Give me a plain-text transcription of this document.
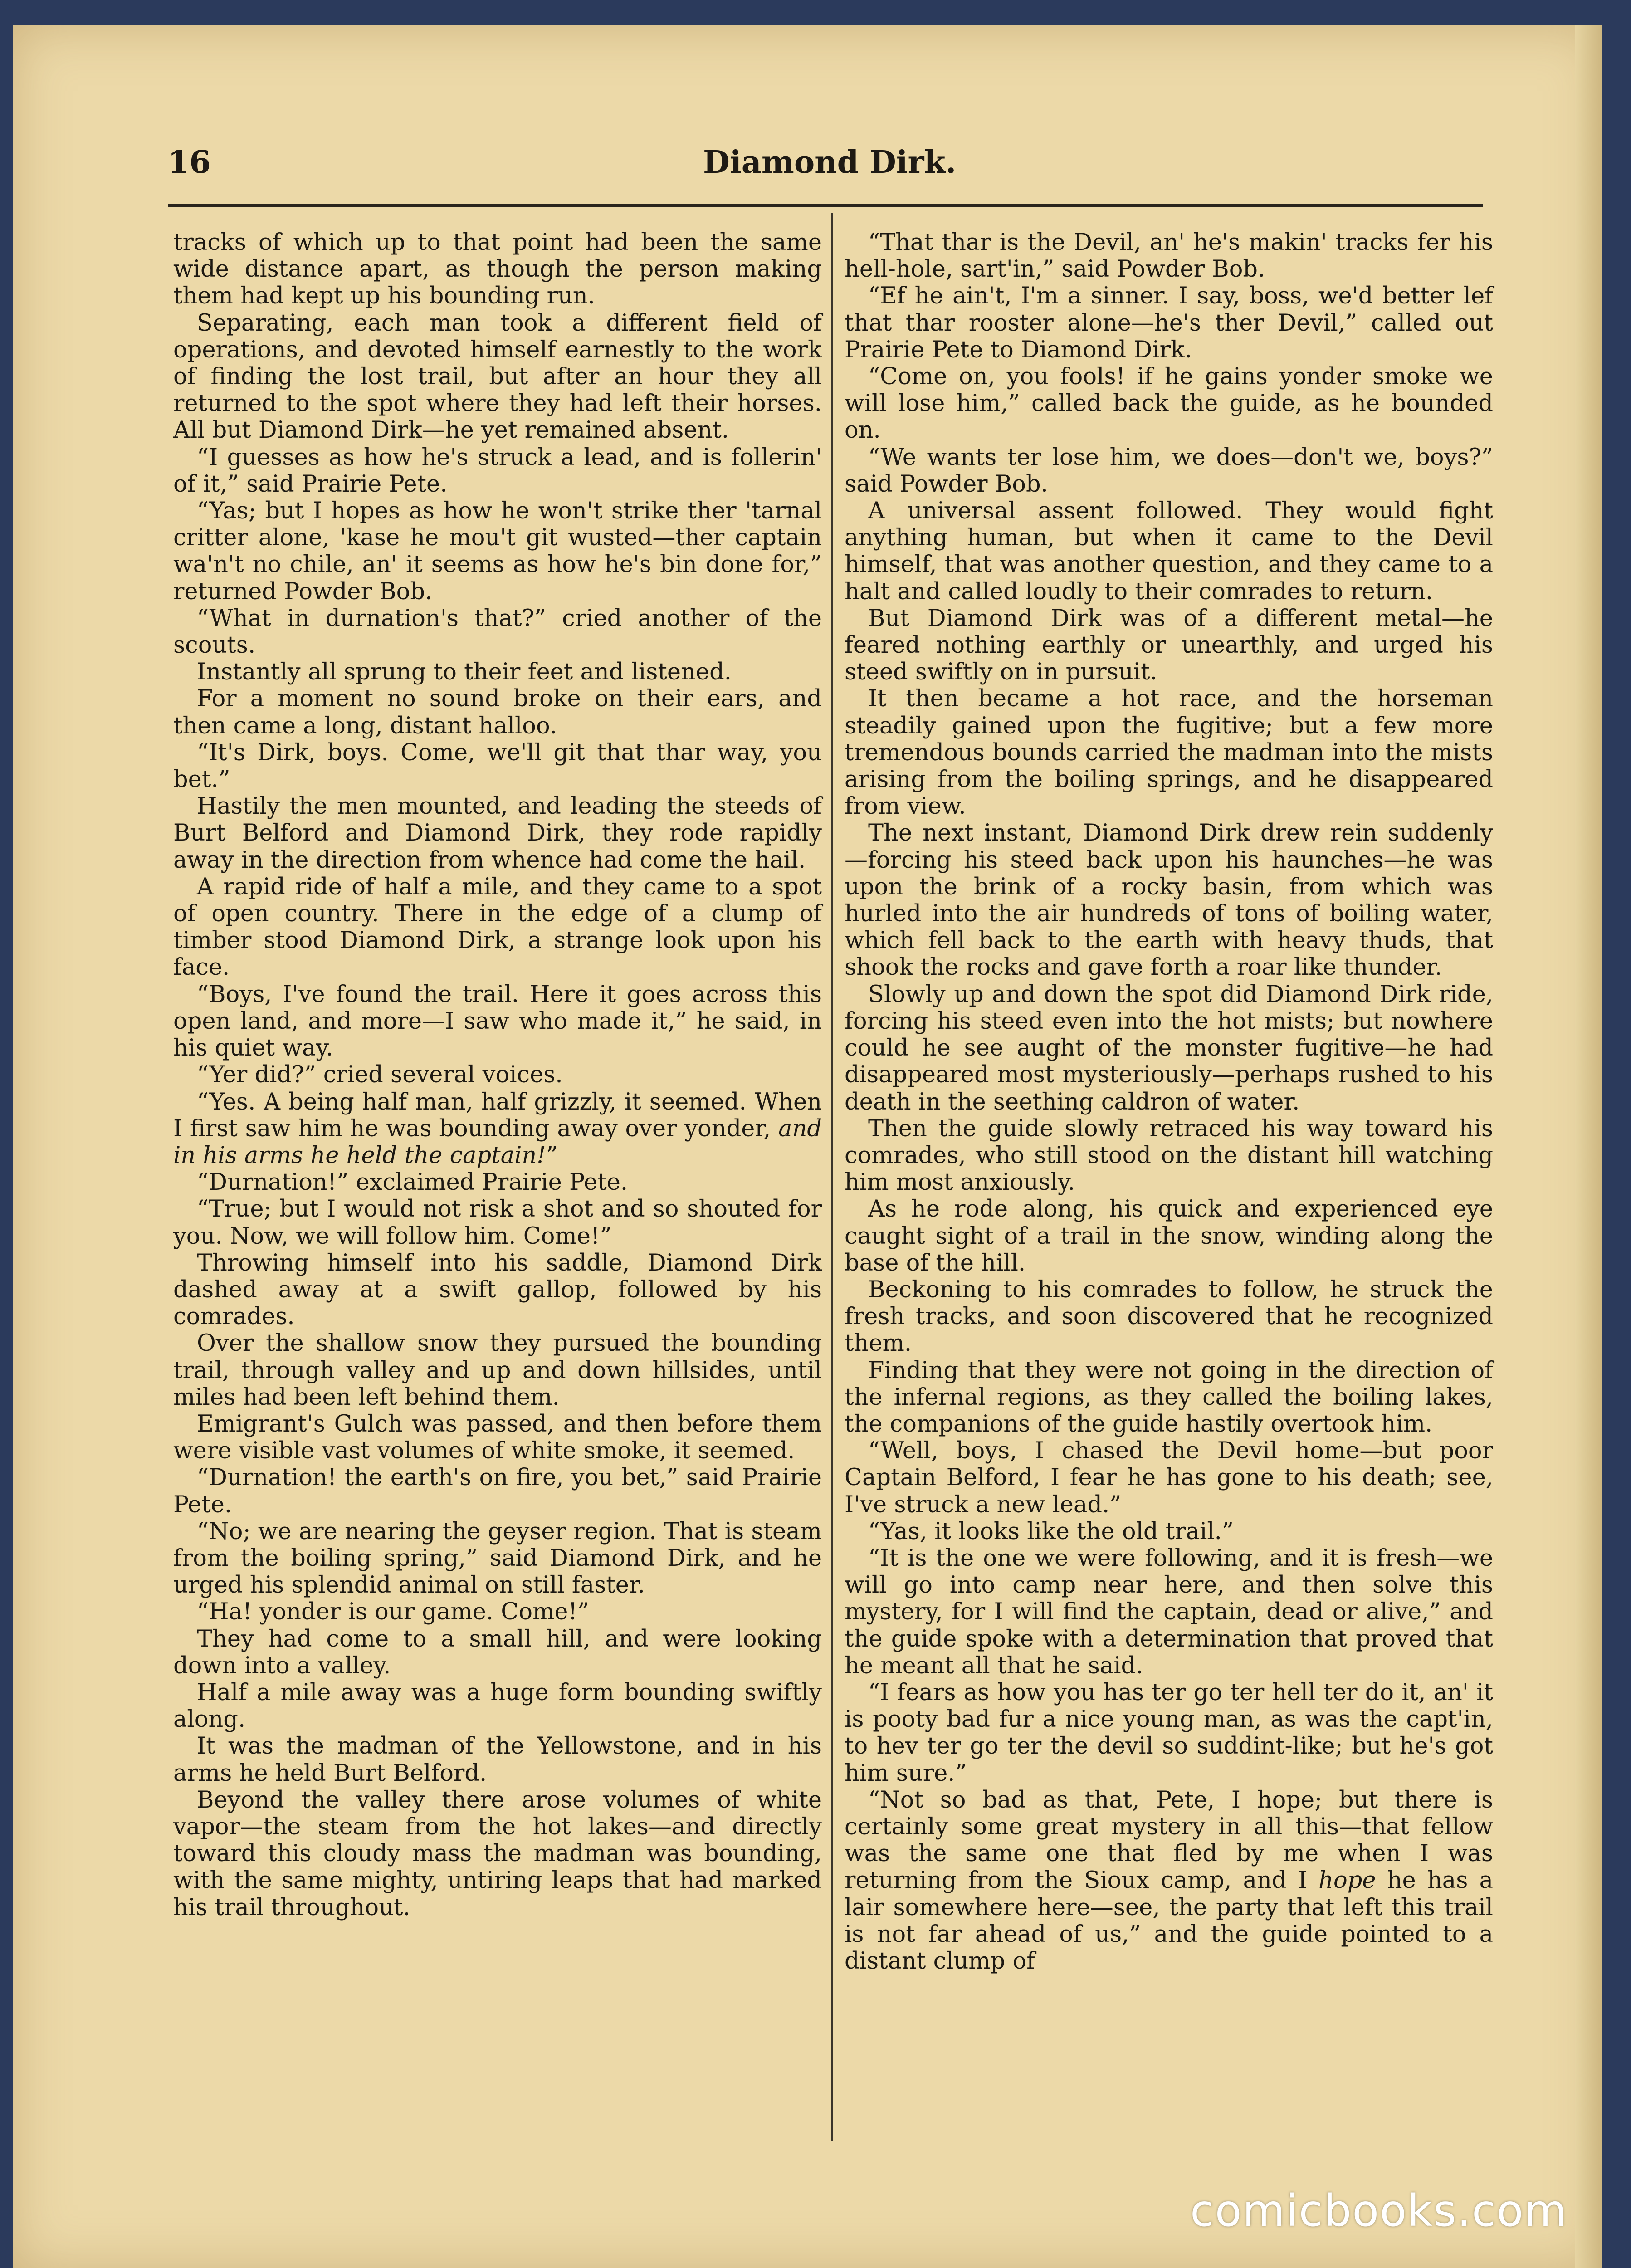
16	Diamond Dirk.

tracks of which up to that point had been the same wide distance apart, as though the person making them had kept up his bounding run.

Separating, each man took a different field of operations, and devoted himself earnestly to the work of finding the lost trail, but after an hour they all returned to the spot where they had left their horses. All but Diamond Dirk—he yet remained absent.

“I guesses as how he's struck a lead, and is follerin' of it,” said Prairie Pete.

“Yas; but I hopes as how he won't strike ther 'tarnal critter alone, 'kase he mou't git wusted—ther captain wa'n't no chile, an' it seems as how he's bin done for,” returned Powder Bob.

“What in durnation's that?” cried another of the scouts.

Instantly all sprung to their feet and listened.

For a moment no sound broke on their ears, and then came a long, distant halloo.

“It's Dirk, boys. Come, we'll git that thar way, you bet.”

Hastily the men mounted, and leading the steeds of Burt Belford and Diamond Dirk, they rode rapidly away in the direction from whence had come the hail.

A rapid ride of half a mile, and they came to a spot of open country. There in the edge of a clump of timber stood Diamond Dirk, a strange look upon his face.

“Boys, I've found the trail. Here it goes across this open land, and more—I saw who made it,” he said, in his quiet way.

“Yer did?” cried several voices.

“Yes. A being half man, half grizzly, it seemed. When I first saw him he was bounding away over yonder, and in his arms he held the captain!”

“Durnation!” exclaimed Prairie Pete.

“True; but I would not risk a shot and so shouted for you. Now, we will follow him. Come!”

Throwing himself into his saddle, Diamond Dirk dashed away at a swift gallop, followed by his comrades.

Over the shallow snow they pursued the bounding trail, through valley and up and down hillsides, until miles had been left behind them.

Emigrant's Gulch was passed, and then before them were visible vast volumes of white smoke, it seemed.

“Durnation! the earth's on fire, you bet,” said Prairie Pete.

“No; we are nearing the geyser region. That is steam from the boiling spring,” said Diamond Dirk, and he urged his splendid animal on still faster.

“Ha! yonder is our game. Come!”

They had come to a small hill, and were looking down into a valley.

Half a mile away was a huge form bounding swiftly along.

It was the madman of the Yellowstone, and in his arms he held Burt Belford.

Beyond the valley there arose volumes of white vapor—the steam from the hot lakes—and directly toward this cloudy mass the madman was bounding, with the same mighty, untiring leaps that had marked his trail throughout.

“That thar is the Devil, an' he's makin' tracks fer his hell-hole, sart'in,” said Powder Bob.

“Ef he ain't, I'm a sinner. I say, boss, we'd better lef that thar rooster alone—he's ther Devil,” called out Prairie Pete to Diamond Dirk.

“Come on, you fools! if he gains yonder smoke we will lose him,” called back the guide, as he bounded on.

“We wants ter lose him, we does—don't we, boys?” said Powder Bob.

A universal assent followed. They would fight anything human, but when it came to the Devil himself, that was another question, and they came to a halt and called loudly to their comrades to return.

But Diamond Dirk was of a different metal—he feared nothing earthly or unearthly, and urged his steed swiftly on in pursuit.

It then became a hot race, and the horseman steadily gained upon the fugitive; but a few more tremendous bounds carried the madman into the mists arising from the boiling springs, and he disappeared from view.

The next instant, Diamond Dirk drew rein suddenly—forcing his steed back upon his haunches—he was upon the brink of a rocky basin, from which was hurled into the air hundreds of tons of boiling water, which fell back to the earth with heavy thuds, that shook the rocks and gave forth a roar like thunder.

Slowly up and down the spot did Diamond Dirk ride, forcing his steed even into the hot mists; but nowhere could he see aught of the monster fugitive—he had disappeared most mysteriously—perhaps rushed to his death in the seething caldron of water.

Then the guide slowly retraced his way toward his comrades, who still stood on the distant hill watching him most anxiously.

As he rode along, his quick and experienced eye caught sight of a trail in the snow, winding along the base of the hill.

Beckoning to his comrades to follow, he struck the fresh tracks, and soon discovered that he recognized them.

Finding that they were not going in the direction of the infernal regions, as they called the boiling lakes, the companions of the guide hastily overtook him.

“Well, boys, I chased the Devil home—but poor Captain Belford, I fear he has gone to his death; see, I've struck a new lead.”

“Yas, it looks like the old trail.”

“It is the one we were following, and it is fresh—we will go into camp near here, and then solve this mystery, for I will find the captain, dead or alive,” and the guide spoke with a determination that proved that he meant all that he said.

“I fears as how you has ter go ter hell ter do it, an' it is pooty bad fur a nice young man, as was the capt'in, to hev ter go ter the devil so suddint-like; but he's got him sure.”

“Not so bad as that, Pete, I hope; but there is certainly some great mystery in all this—that fellow was the same one that fled by me when I was returning from the Sioux camp, and I hope he has a lair somewhere here—see, the party that left this trail is not far ahead of us,” and the guide pointed to a distant clump of

comicbooks.com
